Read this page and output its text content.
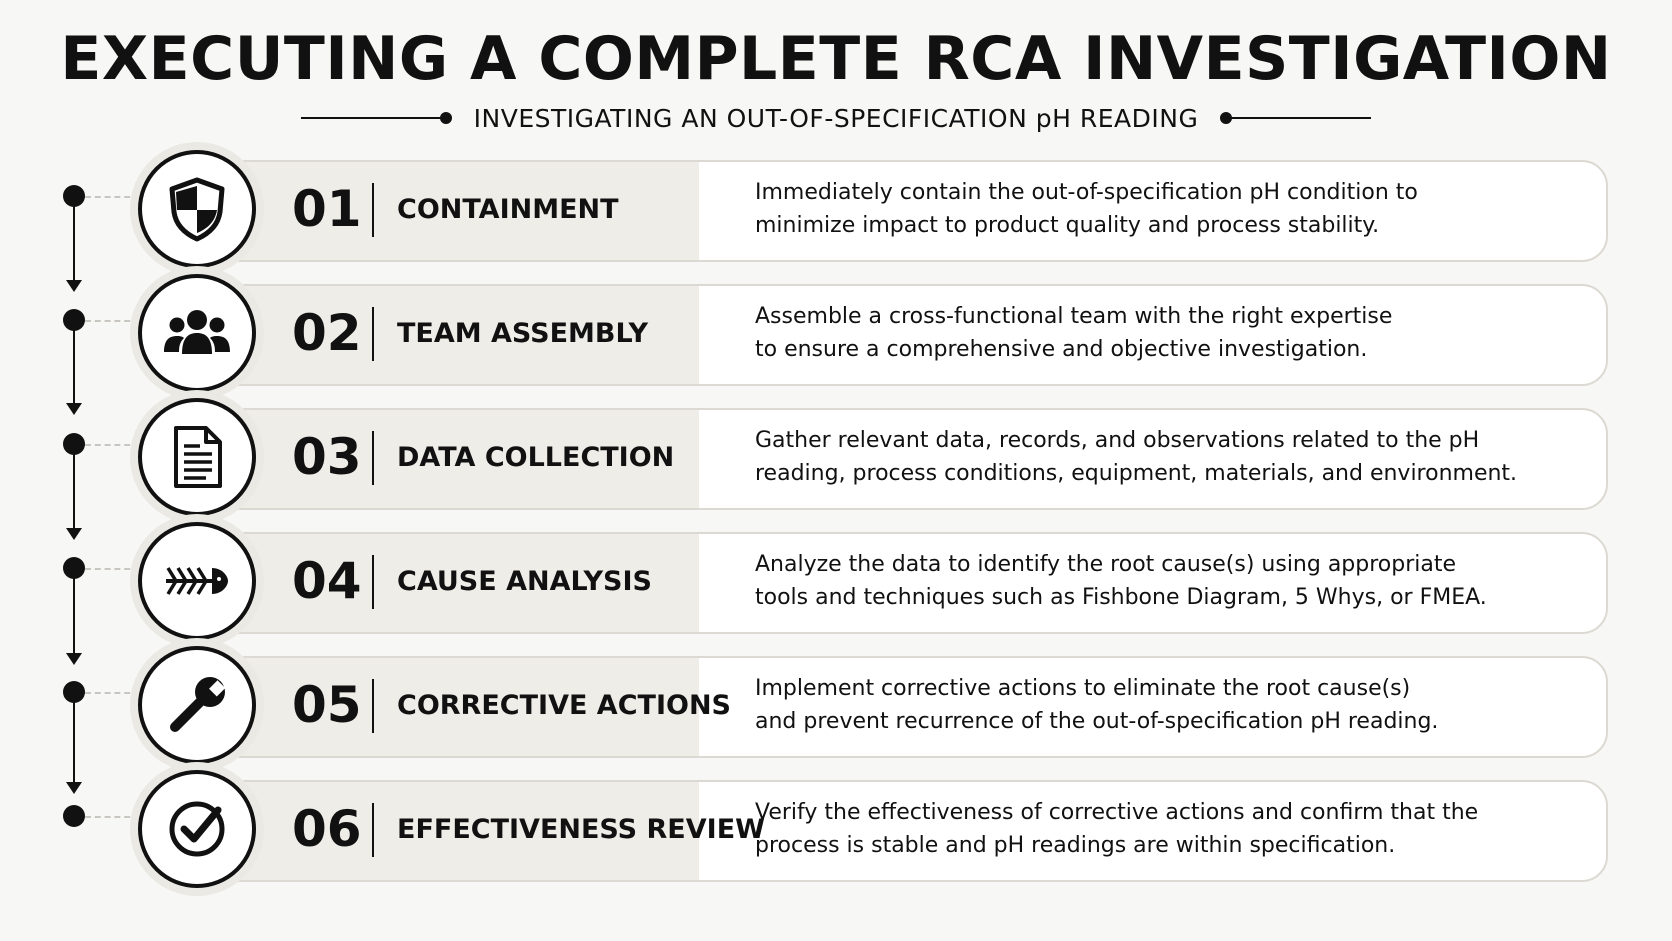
EXECUTING A COMPLETE RCA INVESTIGATION
INVESTIGATING AN OUT-OF-SPECIFICATION pH READING
01 CONTAINMENT
Immediately contain the out-of-specification pH condition to
minimize impact to product quality and process stability.
02 TEAM ASSEMBLY
Assemble a cross-functional team with the right expertise
to ensure a comprehensive and objective investigation.
03 DATA COLLECTION
Gather relevant data, records, and observations related to the pH
reading, process conditions, equipment, materials, and environment.
04 CAUSE ANALYSIS
Analyze the data to identify the root cause(s) using appropriate
tools and techniques such as Fishbone Diagram, 5 Whys, or FMEA.
05 CORRECTIVE ACTIONS
Implement corrective actions to eliminate the root cause(s)
and prevent recurrence of the out-of-specification pH reading.
06 EFFECTIVENESS REVIEW
Verify the effectiveness of corrective actions and confirm that the
process is stable and pH readings are within specification.
